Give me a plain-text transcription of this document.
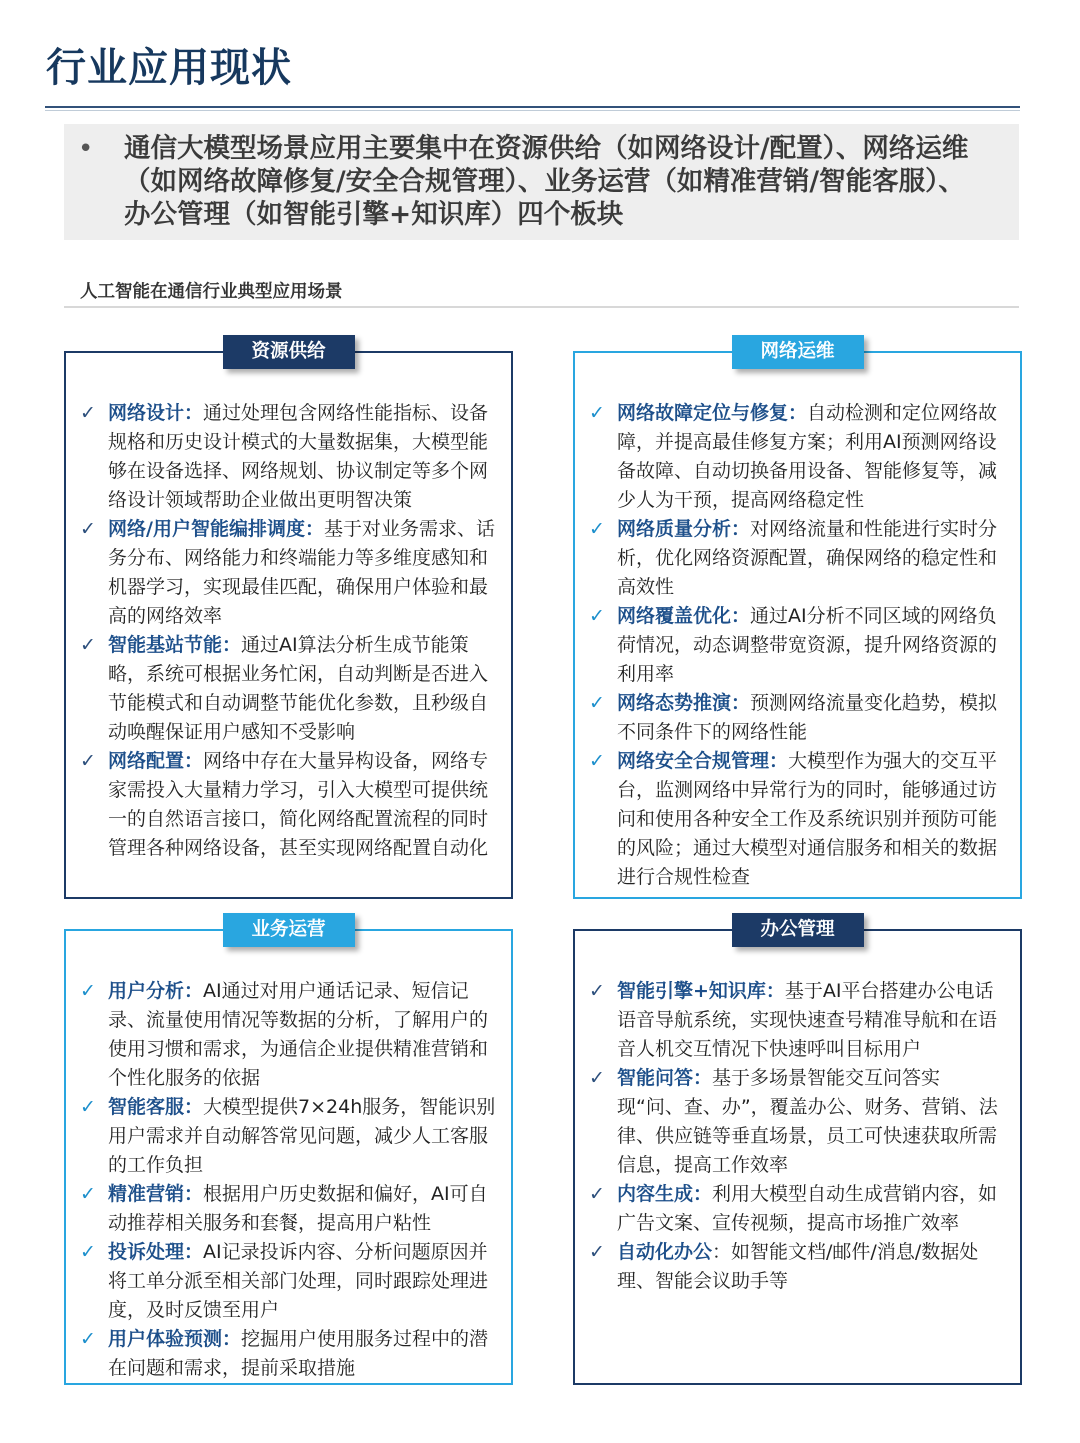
行业应用现状
• 通信大模型场景应用主要集中在资源供给（如网络设计/配置）、网络运维（如网络故障修复/安全合规管理）、业务运营（如精准营销/智能客服）、办公管理（如智能引擎+知识库）四个板块

人工智能在通信行业典型应用场景
资源供给
✓ 网络设计：通过处理包含网络性能指标、设备规格和历史设计模式的大量数据集，大模型能够在设备选择、网络规划、协议制定等多个网络设计领域帮助企业做出更明智决策
✓ 网络/用户智能编排调度：基于对业务需求、话务分布、网络能力和终端能力等多维度感知和机器学习，实现最佳匹配，确保用户体验和最高的网络效率
✓ 智能基站节能：通过AI算法分析生成节能策略，系统可根据业务忙闲，自动判断是否进入节能模式和自动调整节能优化参数，且秒级自动唤醒保证用户感知不受影响
✓ 网络配置：网络中存在大量异构设备，网络专家需投入大量精力学习，引入大模型可提供统一的自然语言接口，简化网络配置流程的同时管理各种网络设备，甚至实现网络配置自动化
网络运维
✓ 网络故障定位与修复：自动检测和定位网络故障，并提高最佳修复方案；利用AI预测网络设备故障、自动切换备用设备、智能修复等，减少人为干预，提高网络稳定性
✓ 网络质量分析：对网络流量和性能进行实时分析，优化网络资源配置，确保网络的稳定性和高效性
✓ 网络覆盖优化：通过AI分析不同区域的网络负荷情况，动态调整带宽资源，提升网络资源的利用率
✓ 网络态势推演：预测网络流量变化趋势，模拟不同条件下的网络性能
✓ 网络安全合规管理：大模型作为强大的交互平台，监测网络中异常行为的同时，能够通过访问和使用各种安全工作及系统识别并预防可能的风险；通过大模型对通信服务和相关的数据进行合规性检查
业务运营
✓ 用户分析：AI通过对用户通话记录、短信记录、流量使用情况等数据的分析，了解用户的使用习惯和需求，为通信企业提供精准营销和个性化服务的依据
✓ 智能客服：大模型提供7×24h服务，智能识别用户需求并自动解答常见问题，减少人工客服的工作负担
✓ 精准营销：根据用户历史数据和偏好，AI可自动推荐相关服务和套餐，提高用户粘性
✓ 投诉处理：AI记录投诉内容、分析问题原因并将工单分派至相关部门处理，同时跟踪处理进度，及时反馈至用户
✓ 用户体验预测：挖掘用户使用服务过程中的潜在问题和需求，提前采取措施
办公管理
✓ 智能引擎+知识库：基于AI平台搭建办公电话语音导航系统，实现快速查号精准导航和在语音人机交互情况下快速呼叫目标用户
✓ 智能问答：基于多场景智能交互问答实现“问、查、办”，覆盖办公、财务、营销、法律、供应链等垂直场景，员工可快速获取所需信息，提高工作效率
✓ 内容生成：利用大模型自动生成营销内容，如广告文案、宣传视频，提高市场推广效率
✓ 自动化办公：如智能文档/邮件/消息/数据处理、智能会议助手等
